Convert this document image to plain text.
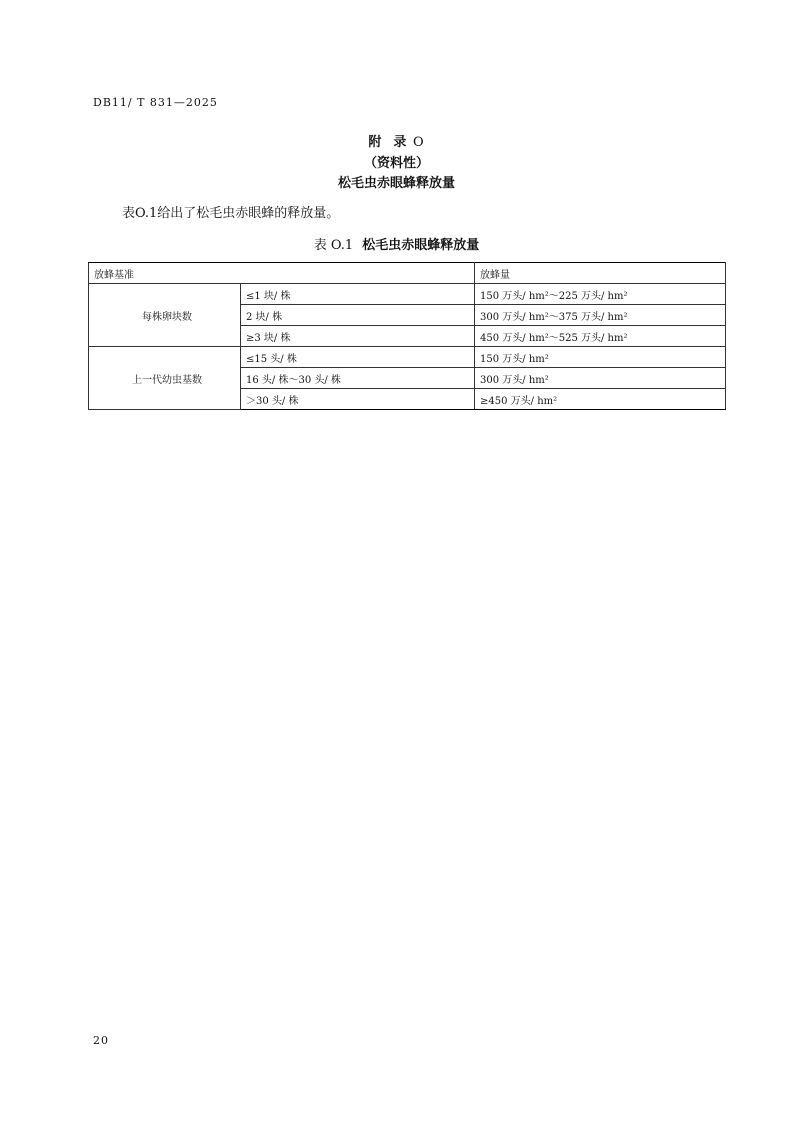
DB11/ T 831—2025
附  录 O
（资料性）
松毛虫赤眼蜂释放量
表O.1给出了松毛虫赤眼蜂的释放量。
表 O.1 松毛虫赤眼蜂释放量
放蜂基准		放蜂量
每株卵块数	≤1 块/ 株	150 万头/ hm²～225 万头/ hm²
	2 块/ 株	300 万头/ hm²～375 万头/ hm²
	≥3 块/ 株	450 万头/ hm²～525 万头/ hm²
上一代幼虫基数	≤15 头/ 株	150 万头/ hm²
	16 头/ 株～30 头/ 株	300 万头/ hm²
	＞30 头/ 株	≥450 万头/ hm²
20
